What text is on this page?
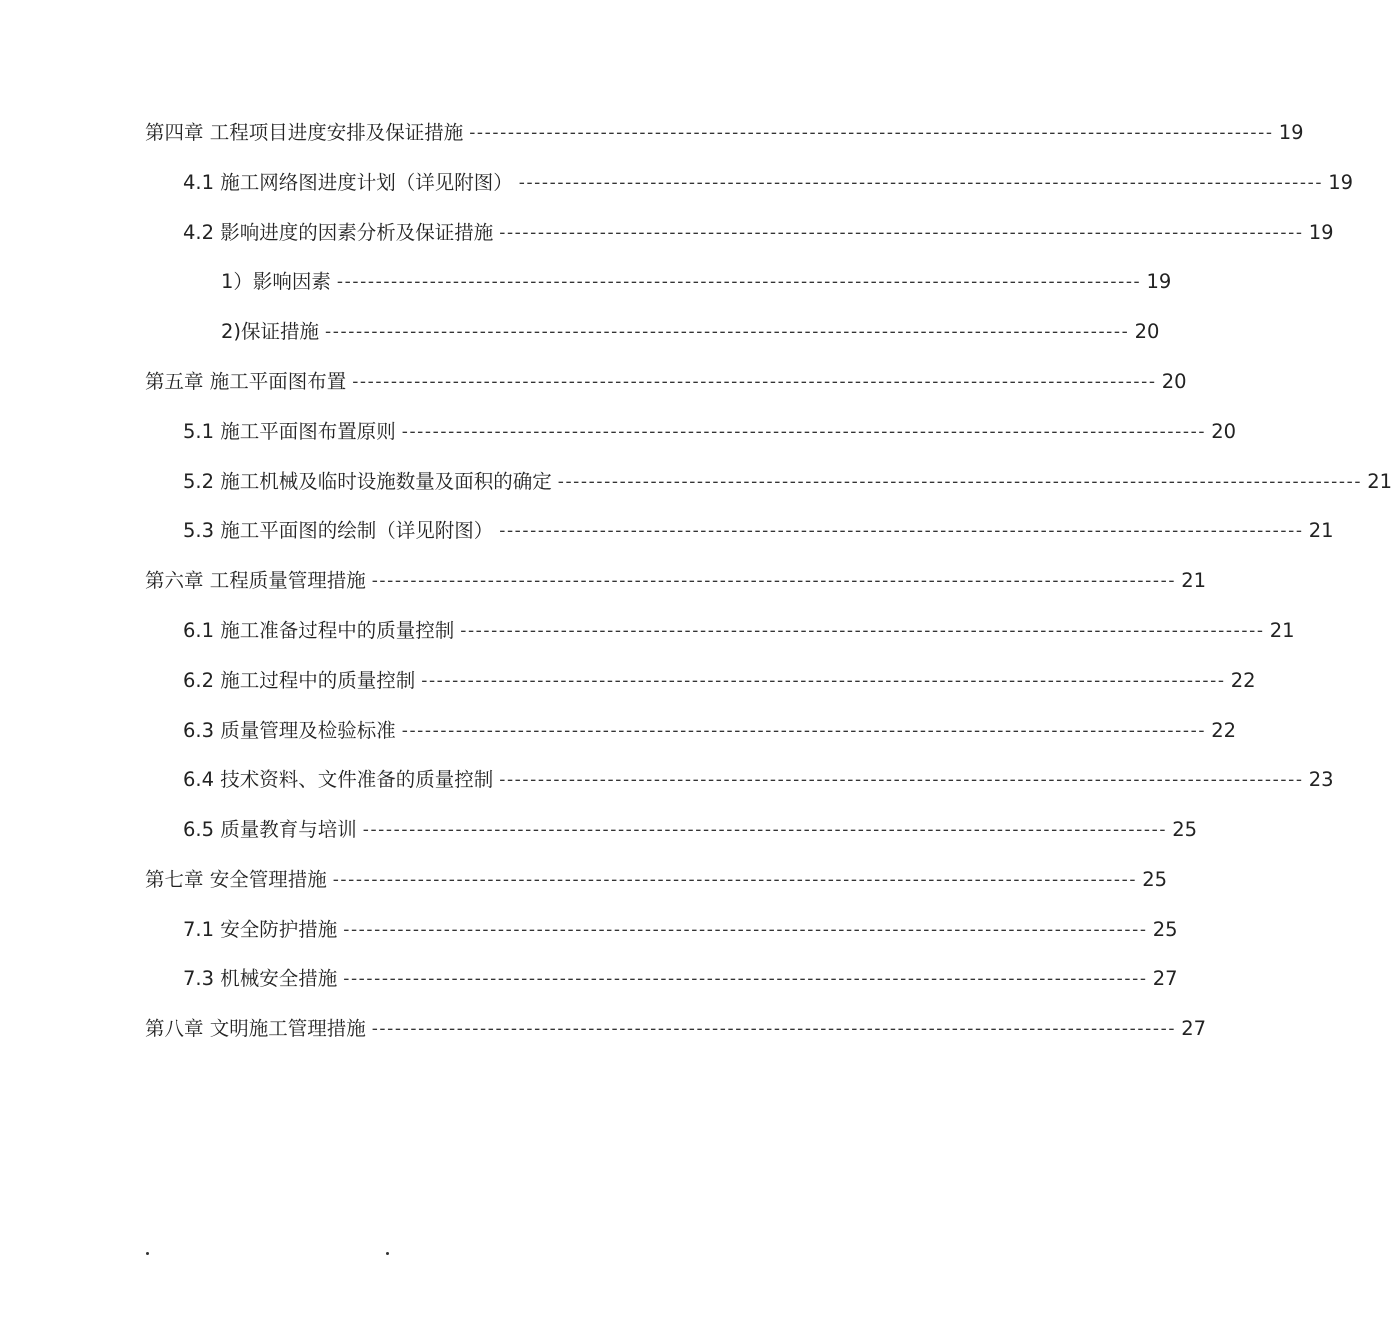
第四章 工程项目进度安排及保证措施 -------------------------------------------------------------------------------------------------------- 19
4.1 施工网络图进度计划（详见附图） -------------------------------------------------------------------------------------------------------- 19
4.2 影响进度的因素分析及保证措施 -------------------------------------------------------------------------------------------------------- 19
1）影响因素 -------------------------------------------------------------------------------------------------------- 19
2)保证措施 -------------------------------------------------------------------------------------------------------- 20
第五章 施工平面图布置 -------------------------------------------------------------------------------------------------------- 20
5.1 施工平面图布置原则 -------------------------------------------------------------------------------------------------------- 20
5.2 施工机械及临时设施数量及面积的确定 -------------------------------------------------------------------------------------------------------- 21
5.3 施工平面图的绘制（详见附图） -------------------------------------------------------------------------------------------------------- 21
第六章 工程质量管理措施 -------------------------------------------------------------------------------------------------------- 21
6.1 施工准备过程中的质量控制 -------------------------------------------------------------------------------------------------------- 21
6.2 施工过程中的质量控制 -------------------------------------------------------------------------------------------------------- 22
6.3 质量管理及检验标准 -------------------------------------------------------------------------------------------------------- 22
6.4 技术资料、文件准备的质量控制 -------------------------------------------------------------------------------------------------------- 23
6.5 质量教育与培训 -------------------------------------------------------------------------------------------------------- 25
第七章 安全管理措施 -------------------------------------------------------------------------------------------------------- 25
7.1 安全防护措施 -------------------------------------------------------------------------------------------------------- 25
7.3 机械安全措施 -------------------------------------------------------------------------------------------------------- 27
第八章 文明施工管理措施 -------------------------------------------------------------------------------------------------------- 27
